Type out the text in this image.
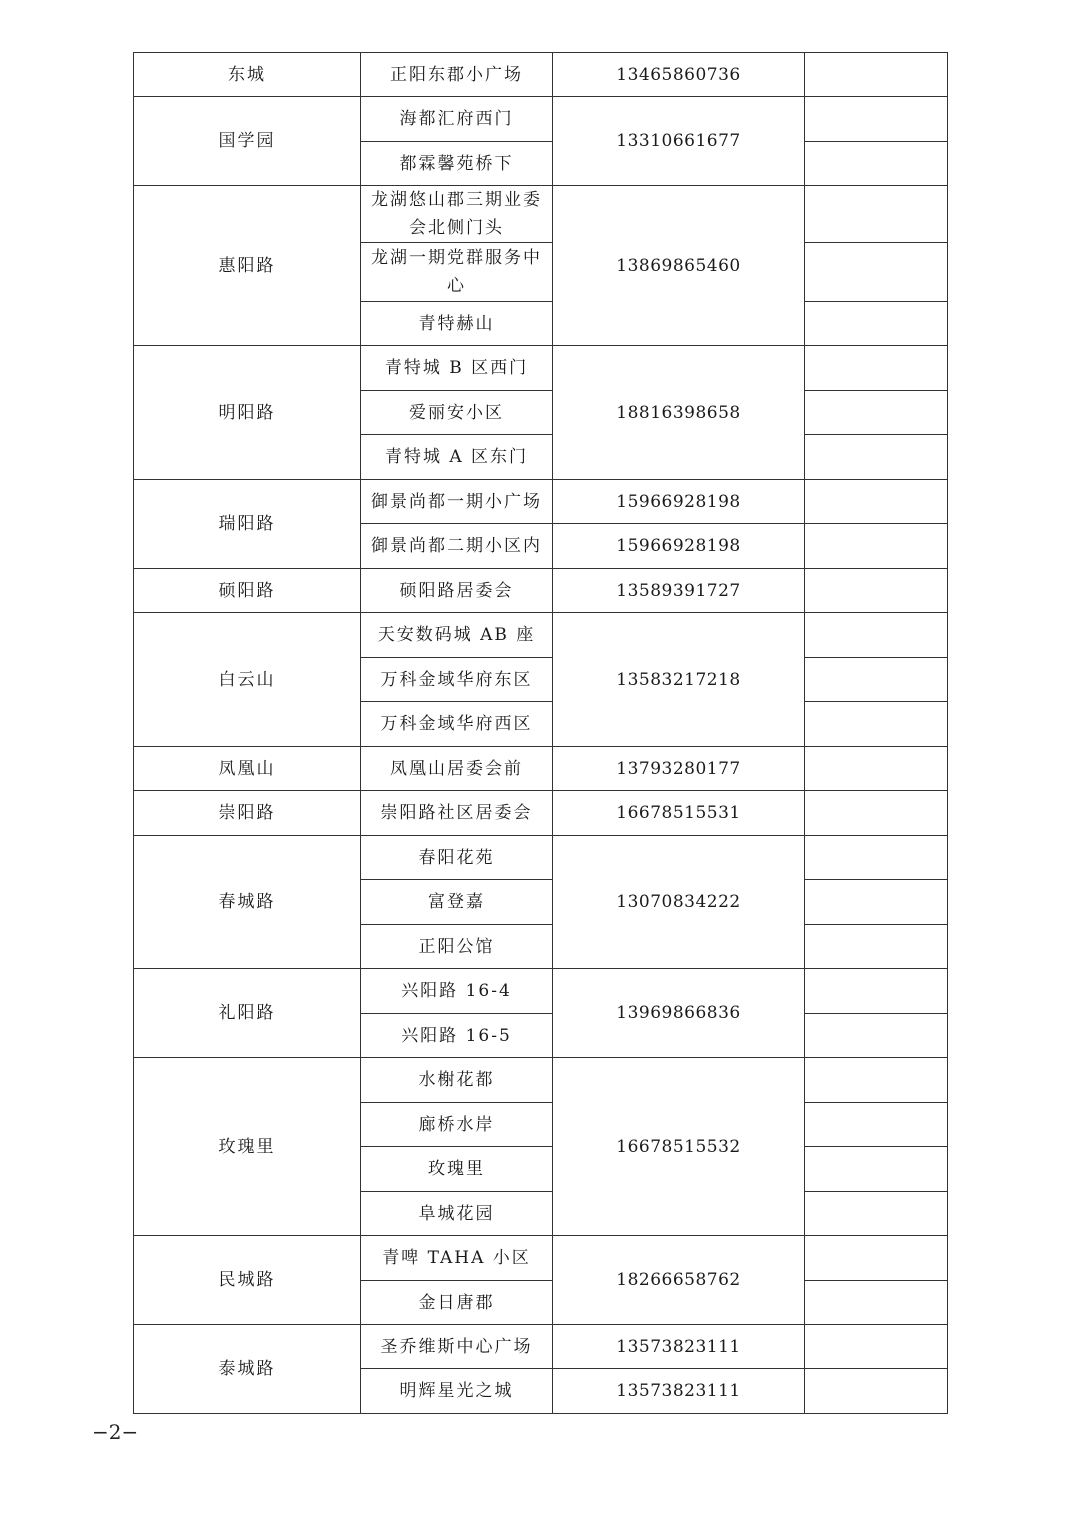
东城	正阳东郡小广场	13465860736	
国学园	海都汇府西门	13310661677	
	都霖馨苑桥下		
惠阳路	龙湖悠山郡三期业委会北侧门头	13869865460	
	龙湖一期党群服务中心		
	青特赫山		
明阳路	青特城 B 区西门	18816398658	
	爱丽安小区		
	青特城 A 区东门		
瑞阳路	御景尚都一期小广场	15966928198	
	御景尚都二期小区内	15966928198	
硕阳路	硕阳路居委会	13589391727	
白云山	天安数码城 AB 座	13583217218	
	万科金域华府东区		
	万科金域华府西区		
凤凰山	凤凰山居委会前	13793280177	
崇阳路	崇阳路社区居委会	16678515531	
春城路	春阳花苑	13070834222	
	富登嘉		
	正阳公馆		
礼阳路	兴阳路 16-4	13969866836	
	兴阳路 16-5		
玫瑰里	水榭花都	16678515532	
	廊桥水岸		
	玫瑰里		
	阜城花园		
民城路	青啤 TAHA 小区	18266658762	
	金日唐郡		
泰城路	圣乔维斯中心广场	13573823111	
	明辉星光之城	13573823111	
−2−
